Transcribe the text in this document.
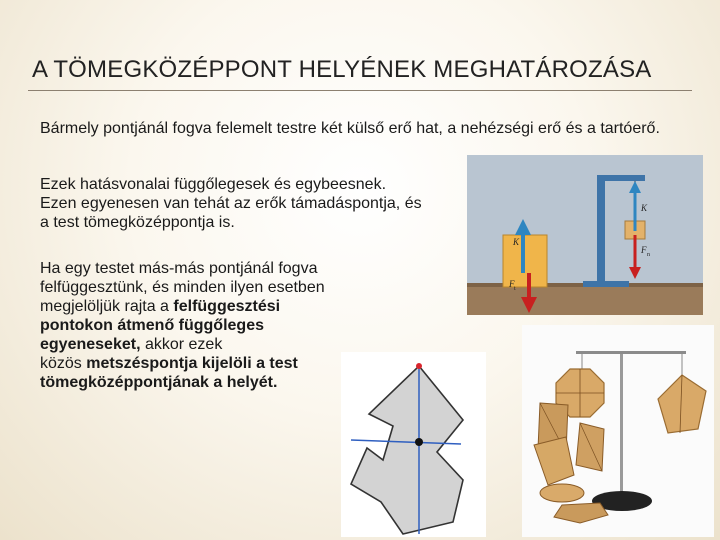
A TÖMEGKÖZÉPPONT HELYÉNEK MEGHATÁROZÁSA

Bármely pontjánál fogva felemelt testre két külső erő hat, a nehézségi erő és a tartóerő.

Ezek hatásvonalai függőlegesek és egybeesnek.
Ezen egyenesen van tehát az erők támadáspontja, és
a test tömegközéppontja is.

Ha egy testet más-más pontjánál fogva
felfüggesztünk, és minden ilyen esetben
megjelöljük rajta a felfüggesztési
pontokon átmenő függőleges
egyeneseket, akkor ezek
közös metszéspontja kijelöli a test
tömegközéppontjának a helyét.

K
F t
K
F n
